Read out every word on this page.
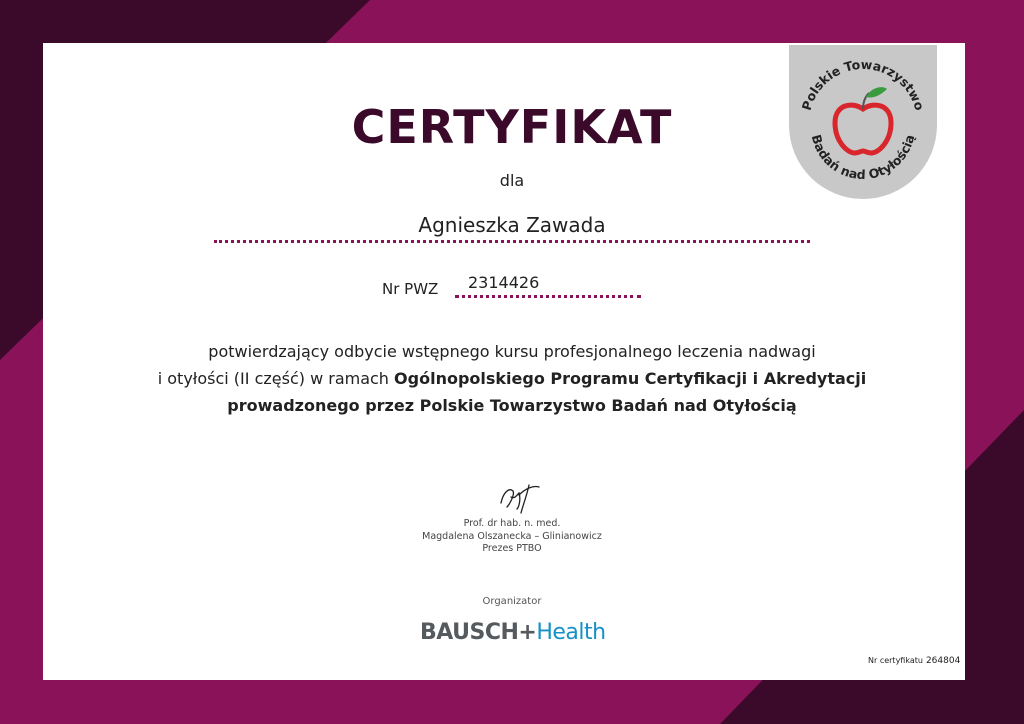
Polskie Towarzystwo
Badań nad Otyłością
CERTYFIKAT
dla
Agnieszka Zawada
Nr PWZ 2314426
potwierdzający odbycie wstępnego kursu profesjonalnego leczenia nadwagi
i otyłości (II część) w ramach Ogólnopolskiego Programu Certyfikacji i Akredytacji
prowadzonego przez Polskie Towarzystwo Badań nad Otyłością
Prof. dr hab. n. med.
Magdalena Olszanecka – Glinianowicz
Prezes PTBO
Organizator
BAUSCH+Health
Nr certyfikatu 264804
